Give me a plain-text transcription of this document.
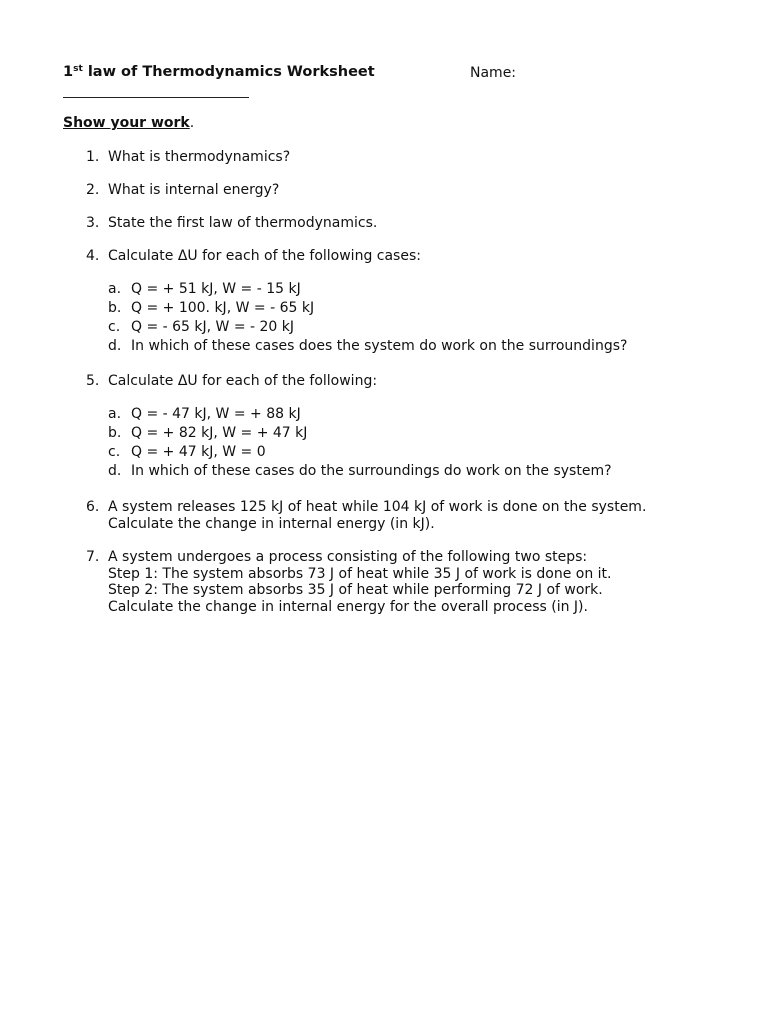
1st law of Thermodynamics Worksheet	Name:
Show your work.
1. What is thermodynamics?
2. What is internal energy?
3. State the first law of thermodynamics.
4. Calculate ΔU for each of the following cases:
a. Q = + 51 kJ, W = - 15 kJ
b. Q = + 100. kJ, W = - 65 kJ
c. Q = - 65 kJ, W = - 20 kJ
d. In which of these cases does the system do work on the surroundings?
5. Calculate ΔU for each of the following:
a. Q = - 47 kJ, W = + 88 kJ
b. Q = + 82 kJ, W = + 47 kJ
c. Q = + 47 kJ, W = 0
d. In which of these cases do the surroundings do work on the system?
6. A system releases 125 kJ of heat while 104 kJ of work is done on the system.
Calculate the change in internal energy (in kJ).
7. A system undergoes a process consisting of the following two steps:
Step 1: The system absorbs 73 J of heat while 35 J of work is done on it.
Step 2: The system absorbs 35 J of heat while performing 72 J of work.
Calculate the change in internal energy for the overall process (in J).
